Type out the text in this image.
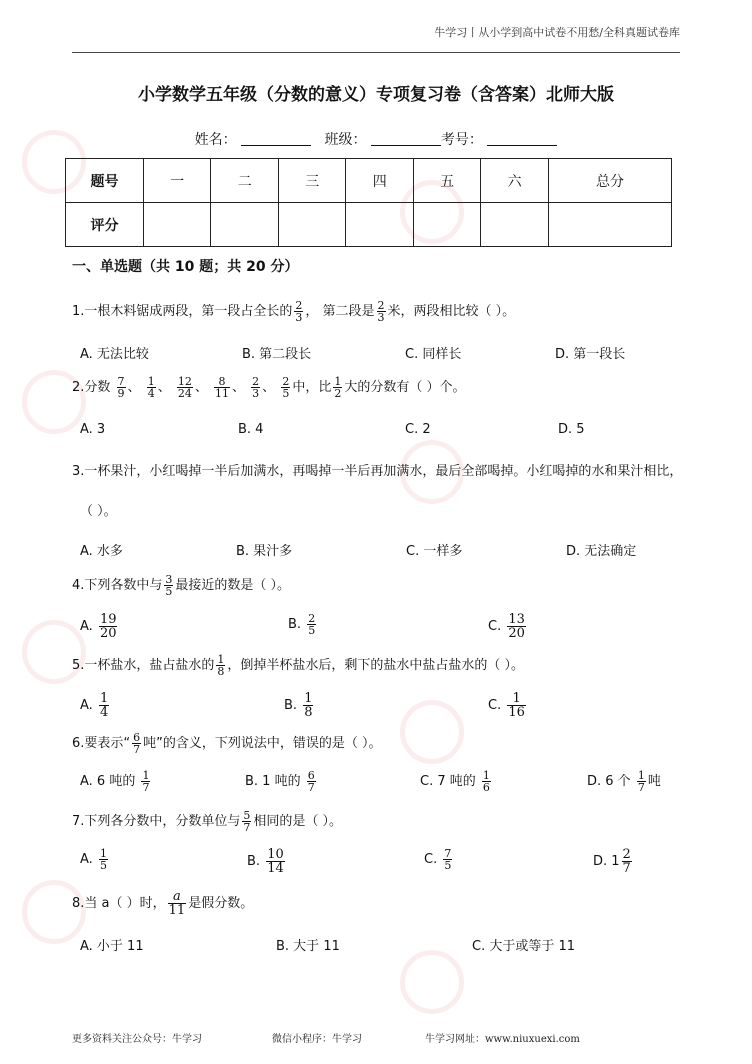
牛学习丨从小学到高中试卷不用愁/全科真题试卷库
小学数学五年级（分数的意义）专项复习卷（含答案）北师大版
姓名：	班级：	考号：
题号	一	二	三	四	五	六	总分
评分							
一、单选题（共 10 题；共 20 分）
1.一根木料锯成两段，第一段占全长的 $\frac{2}{3}$ ， 第二段是 $\frac{2}{3}$ 米，两段相比较（ ）。
A. 无法比较	B. 第二段长	C. 同样长	D. 第一段长
2.分数 $\frac{7}{9}$ 、 $\frac{1}{4}$ 、 $\frac{12}{24}$ 、 $\frac{8}{11}$ 、 $\frac{2}{3}$ 、 $\frac{2}{5}$ 中，比 $\frac{1}{2}$ 大的分数有（ ）个。
A. 3	B. 4	C. 2	D. 5
3.一杯果汁，小红喝掉一半后加满水，再喝掉一半后再加满水，最后全部喝掉。小红喝掉的水和果汁相比，
（ ）。
A. 水多	B. 果汁多	C. 一样多	D. 无法确定
4.下列各数中与 $\frac{3}{5}$ 最接近的数是（ ）。
A. $\frac{19}{20}$	B. $\frac{2}{5}$	C. $\frac{13}{20}$
5.一杯盐水，盐占盐水的 $\frac{1}{8}$ ，倒掉半杯盐水后，剩下的盐水中盐占盐水的（ ）。
A. $\frac{1}{4}$	B. $\frac{1}{8}$	C. $\frac{1}{16}$
6.要表示“ $\frac{6}{7}$ 吨”的含义，下列说法中，错误的是（ ）。
A. 6 吨的 $\frac{1}{7}$	B. 1 吨的 $\frac{6}{7}$	C. 7 吨的 $\frac{1}{6}$	D. 6 个 $\frac{1}{7}$ 吨
7.下列各分数中，分数单位与 $\frac{5}{7}$ 相同的是（ ）。
A. $\frac{1}{5}$	B. $\frac{10}{14}$	C. $\frac{7}{5}$	D. $1 \frac{2}{7}$
8.当 a（ ）时， $\frac{a}{11}$ 是假分数。
A. 小于 11	B. 大于 11	C. 大于或等于 11
更多资料关注公众号：牛学习	微信小程序：牛学习	牛学习网址：www.niuxuexi.com
